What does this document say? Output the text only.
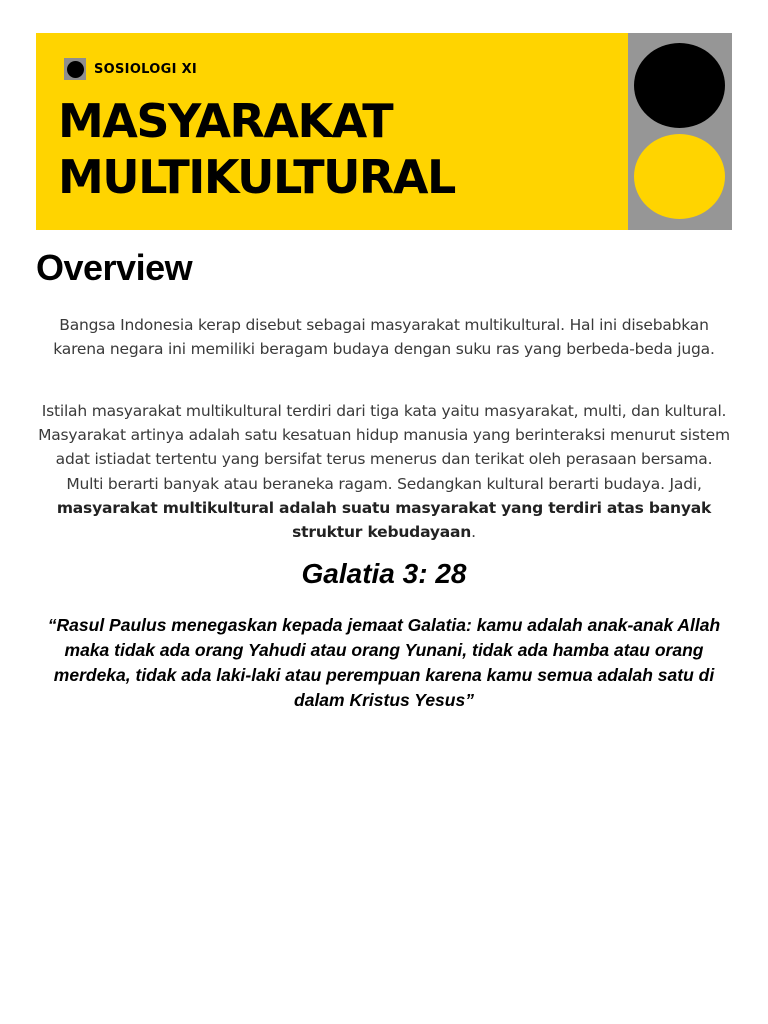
SOSIOLOGI XI
MASYARAKAT
MULTIKULTURAL
Overview

Bangsa Indonesia kerap disebut sebagai masyarakat multikultural. Hal ini disebabkan karena negara ini memiliki beragam budaya dengan suku ras yang berbeda-beda juga.

Istilah masyarakat multikultural terdiri dari tiga kata yaitu masyarakat, multi, dan kultural. Masyarakat artinya adalah satu kesatuan hidup manusia yang berinteraksi menurut sistem adat istiadat tertentu yang bersifat terus menerus dan terikat oleh perasaan bersama. Multi berarti banyak atau beraneka ragam. Sedangkan kultural berarti budaya. Jadi, masyarakat multikultural adalah suatu masyarakat yang terdiri atas banyak struktur kebudayaan.

Galatia 3: 28

“Rasul Paulus menegaskan kepada jemaat Galatia: kamu adalah anak-anak Allah maka tidak ada orang Yahudi atau orang Yunani, tidak ada hamba atau orang merdeka, tidak ada laki-laki atau perempuan karena kamu semua adalah satu di dalam Kristus Yesus”
